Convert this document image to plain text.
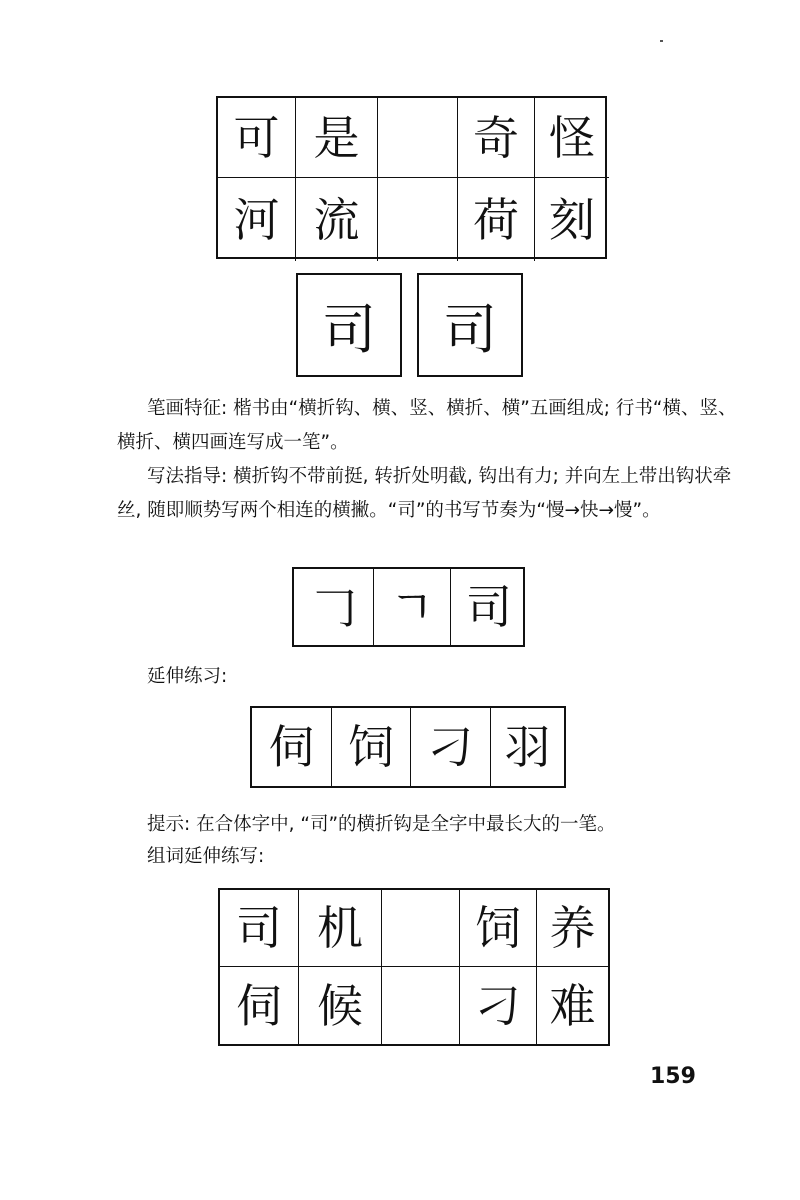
可 是	奇 怪
河 流	荷 刻
司	司
笔画特征: 楷书由“横折钩、横、竖、横折、横”五画组成; 行书“横、竖、横折、横四画连写成一笔”。
写法指导: 横折钩不带前挺, 转折处明截, 钩出有力; 并向左上带出钩状牵丝, 随即顺势写两个相连的横撇。“司”的书写节奏为“慢→快→慢”。
𠃌 ㄱ 司
延伸练习:
伺 饲 刁 羽
提示: 在合体字中, “司”的横折钩是全字中最长大的一笔。
组词延伸练写:
司 机	饲 养
伺 候	刁 难
159
